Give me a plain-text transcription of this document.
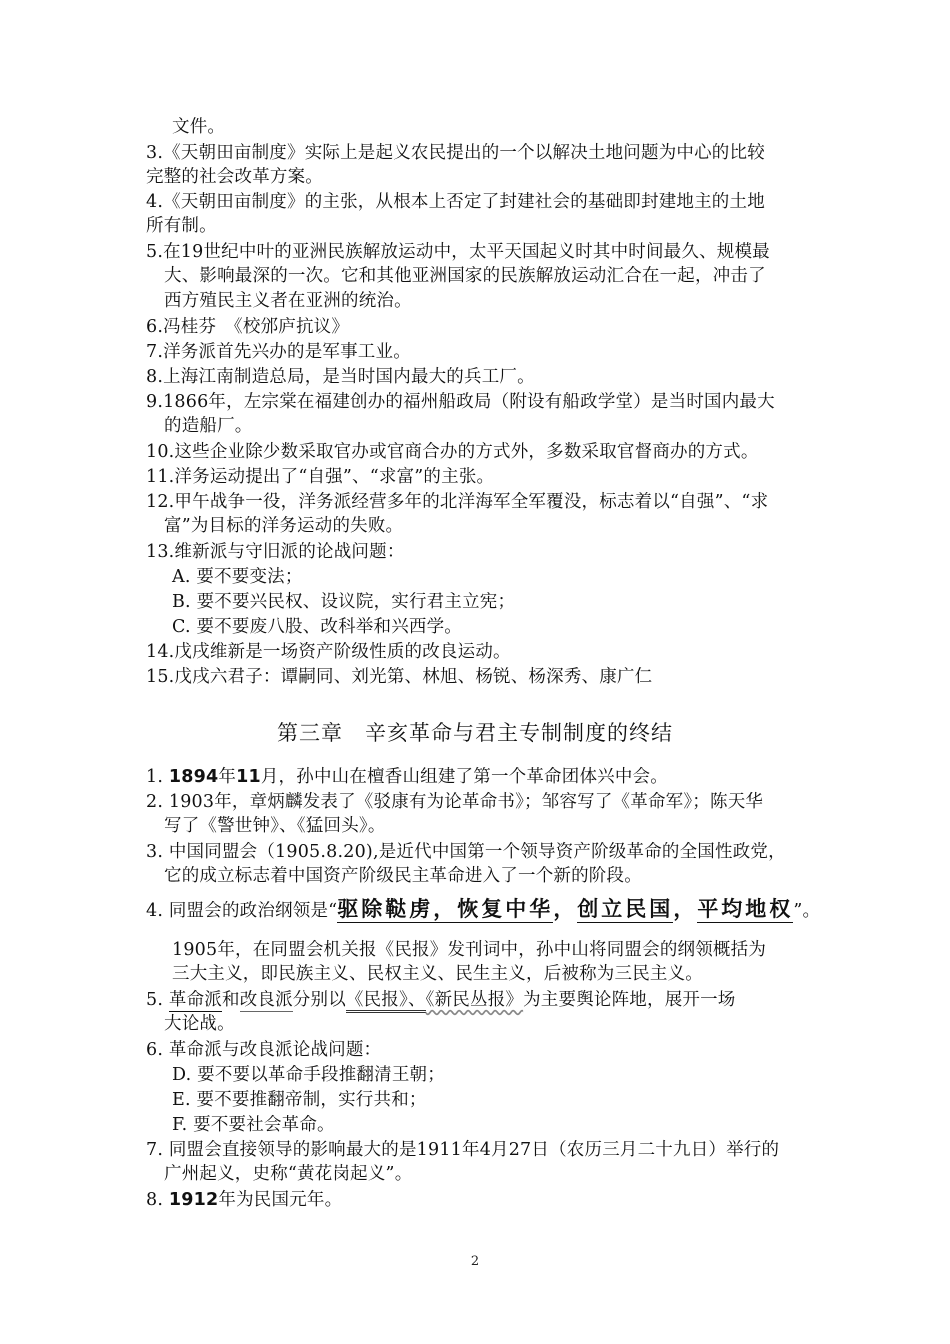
文件。
3.《天朝田亩制度》实际上是起义农民提出的一个以解决土地问题为中心的比较
完整的社会改革方案。
4.《天朝田亩制度》的主张，从根本上否定了封建社会的基础即封建地主的土地
所有制。
5.在19世纪中叶的亚洲民族解放运动中，太平天国起义时其中时间最久、规模最
大、影响最深的一次。它和其他亚洲国家的民族解放运动汇合在一起，冲击了
西方殖民主义者在亚洲的统治。
6.冯桂芬　《校邠庐抗议》
7.洋务派首先兴办的是军事工业。
8.上海江南制造总局，是当时国内最大的兵工厂。
9.1866年，左宗棠在福建创办的福州船政局（附设有船政学堂）是当时国内最大
的造船厂。
10.这些企业除少数采取官办或官商合办的方式外，多数采取官督商办的方式。
11.洋务运动提出了“自强”、“求富”的主张。
12.甲午战争一役，洋务派经营多年的北洋海军全军覆没，标志着以“自强”、“求
富”为目标的洋务运动的失败。
13.维新派与守旧派的论战问题：
A. 要不要变法；
B. 要不要兴民权、设议院，实行君主立宪；
C. 要不要废八股、改科举和兴西学。
14.戊戌维新是一场资产阶级性质的改良运动。
15.戊戌六君子：谭嗣同、刘光第、林旭、杨锐、杨深秀、康广仁
第三章　辛亥革命与君主专制制度的终结
1. 1894年11月，孙中山在檀香山组建了第一个革命团体兴中会。
2. 1903年，章炳麟发表了《驳康有为论革命书》；邹容写了《革命军》；陈天华
写了《警世钟》、《猛回头》。
3. 中国同盟会（1905.8.20),是近代中国第一个领导资产阶级革命的全国性政党，
它的成立标志着中国资产阶级民主革命进入了一个新的阶段。
4. 同盟会的政治纲领是“驱除鞑虏，恢复中华，创立民国，平均地权”。
1905年，在同盟会机关报《民报》发刊词中，孙中山将同盟会的纲领概括为
三大主义，即民族主义、民权主义、民生主义，后被称为三民主义。
5. 革命派和改良派分别以《民报》、《新民丛报》为主要舆论阵地，展开一场
大论战。
6. 革命派与改良派论战问题：
D. 要不要以革命手段推翻清王朝；
E. 要不要推翻帝制，实行共和；
F. 要不要社会革命。
7. 同盟会直接领导的影响最大的是1911年4月27日（农历三月二十九日）举行的
广州起义，史称“黄花岗起义”。
8. 1912年为民国元年。
2
